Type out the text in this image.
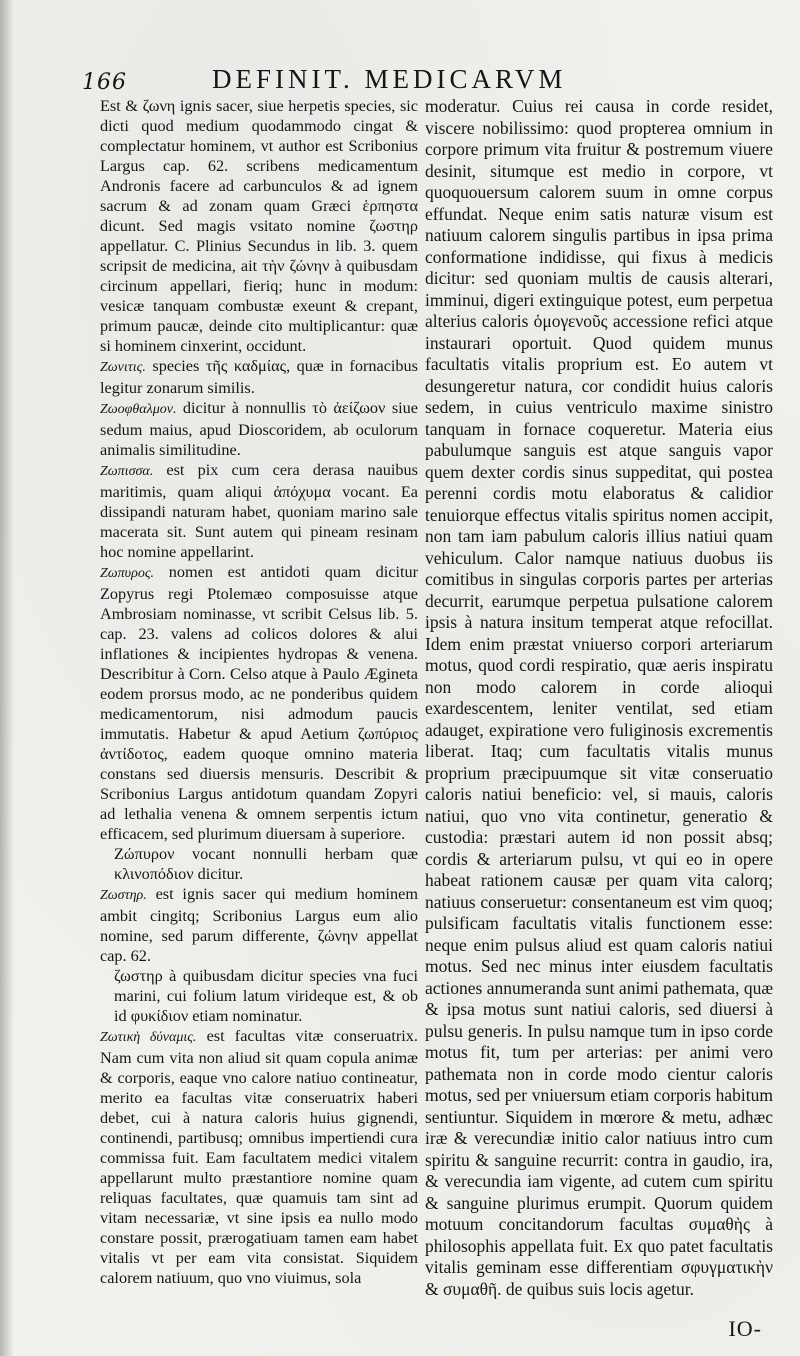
166	DEFINIT. MEDICARVM

Est & ζωνη ignis sacer, siue herpetis species, sic dicti quod medium quodammodo cingat & complectatur hominem, vt author est Scribonius Largus cap. 62. scribens medicamentum Andronis facere ad carbunculos & ad ignem sacrum & ad zonam quam Græci ἑρπηστα dicunt. Sed magis vsitato nomine ζωστηρ appellatur. C. Plinius Secundus in lib. 3. quem scripsit de medicina, ait τὴν ζώνην à quibusdam circinum appellari, fieriq; hunc in modum: vesicæ tanquam combustæ exeunt & crepant, primum paucæ, deinde cito multiplicantur: quæ si hominem cinxerint, occidunt.

Ζωνιτις. species τῆς καδμίας, quæ in fornacibus legitur zonarum similis.

Ζωοφθαλμον. dicitur à nonnullis τὸ ἀείζωον siue sedum maius, apud Dioscoridem, ab oculorum animalis similitudine.

Ζωπισσα. est pix cum cera derasa nauibus maritimis, quam aliqui ἀπόχυμα vocant. Ea dissipandi naturam habet, quoniam marino sale macerata sit. Sunt autem qui pineam resinam hoc nomine appellarint.

Ζωπυρος. nomen est antidoti quam dicitur Zopyrus regi Ptolemæo composuisse atque Ambrosiam nominasse, vt scribit Celsus lib. 5. cap. 23. valens ad colicos dolores & alui inflationes & incipientes hydropas & venena. Describitur à Corn. Celso atque à Paulo Æginetа eodem prorsus modo, ac ne ponderibus quidem medicamentorum, nisi admodum paucis immutatis. Habetur & apud Aetium ζωπύριος ἀντίδοτος, eadem quoque omnino materia constans sed diuersis mensuris. Describit & Scribonius Largus antidotum quandam Zopyri ad lethalia venena & omnem serpentis ictum efficacem, sed plurimum diuersam à superiore.

Ζώπυρον vocant nonnulli herbam quæ κλινοπόδιον dicitur.

Ζωστηρ. est ignis sacer qui medium hominem ambit cingitq; Scribonius Largus eum alio nomine, sed parum differente, ζώνην appellat cap. 62.

ζωστηρ à quibusdam dicitur species vna fuci marini, cui folium latum virideque est, & ob id φυκίδιον etiam nominatur.

Ζωτικὴ δύναμις. est facultas vitæ conseruatrix. Nam cum vita non aliud sit quam copula animæ & corporis, eaque vno calore natiuo contineatur, merito ea facultas vitæ conseruatrix haberi debet, cui à natura caloris huius gignendi, continendi, partibusq; omnibus impertiendi cura commissa fuit. Eam facultatem medici vitalem appellarunt multo præstantiore nomine quam reliquas facultates, quæ quamuis tam sint ad vitam necessariæ, vt sine ipsis ea nullo modo constare possit, prærogatiuam tamen eam habet vitalis vt per eam vita consistat. Siquidem calorem natiuum, quo vno viuimus, sola

moderatur. Cuius rei causa in corde residet, viscere nobilissimo: quod propterea omnium in corpore primum vita fruitur & postremum viuere desinit, situmque est medio in corpore, vt quoquouersum calorem suum in omne corpus effundat. Neque enim satis naturæ visum est natiuum calorem singulis partibus in ipsa prima conformatione indidisse, qui fixus à medicis dicitur: sed quoniam multis de causis alterari, imminui, digeri extinguique potest, eum perpetua alterius caloris ὁμογενοῦς accessione refici atque instaurari oportuit. Quod quidem munus facultatis vitalis proprium est. Eo autem vt desungeretur natura, cor condidit huius caloris sedem, in cuius ventriculo maxime sinistro tanquam in fornace coqueretur. Materia eius pabulumque sanguis est atque sanguis vapor quem dexter cordis sinus suppeditat, qui postea perenni cordis motu elaboratus & calidior tenuiorque effectus vitalis spiritus nomen accipit, non tam iam pabulum caloris illius natiui quam vehiculum. Calor namque natiuus duobus iis comitibus in singulas corporis partes per arterias decurrit, earumque perpetua pulsatione calorem ipsis à natura insitum temperat atque refocillat. Idem enim præstat vniuerso corpori arteriarum motus, quod cordi respiratio, quæ aeris inspiratu non modo calorem in corde alioqui exardescentem, leniter ventilat, sed etiam adauget, expiratione vero fuliginosis excrementis liberat. Itaq; cum facultatis vitalis munus proprium præcipuumque sit vitæ conseruatio caloris natiui beneficio: vel, si mauis, caloris natiui, quo vno vita continetur, generatio & custodia: præstari autem id non possit absq; cordis & arteriarum pulsu, vt qui eo in opere habeat rationem causæ per quam vita calorq; natiuus conseruetur: consentaneum est vim quoq; pulsificam facultatis vitalis functionem esse: neque enim pulsus aliud est quam caloris natiui motus. Sed nec minus inter eiusdem facultatis actiones annumeranda sunt animi pathemata, quæ & ipsa motus sunt natiui caloris, sed diuersi à pulsu generis. In pulsu namque tum in ipso corde motus fit, tum per arterias: per animi vero pathemata non in corde modo cientur caloris motus, sed per vniuersum etiam corporis habitum sentiuntur. Siquidem in mœrore & metu, adhæc iræ & verecundiæ initio calor natiuus intro cum spiritu & sanguine recurrit: contra in gaudio, ira, & verecundia iam vigente, ad cutem cum spiritu & sanguine plurimus erumpit. Quorum quidem motuum concitandorum facultas συμαθὴς à philosophis appellata fuit. Ex quo patet facultatis vitalis geminam esse differentiam σφυγματικὴν & συμαθῆ. de quibus suis locis agetur.

IO-
